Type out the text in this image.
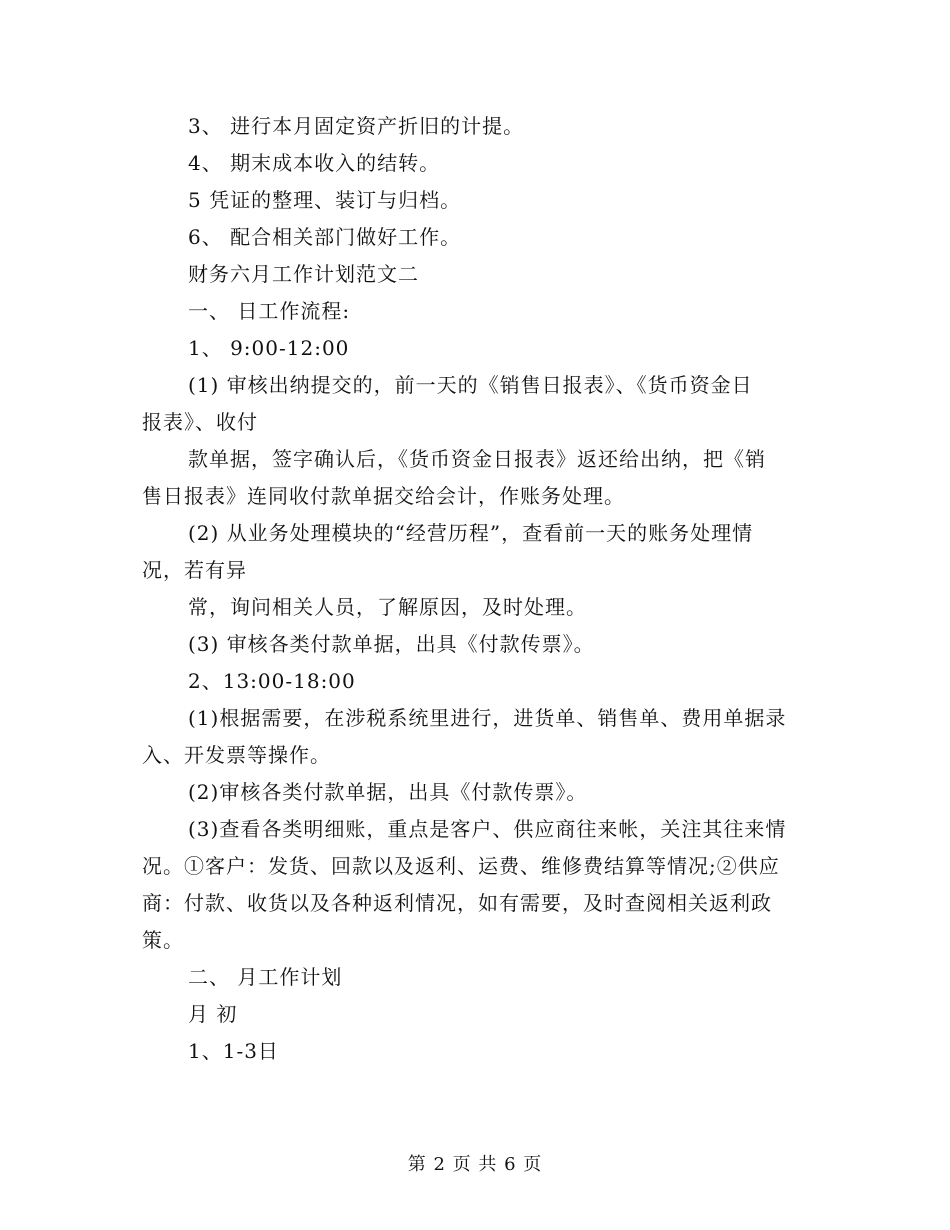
3、 进行本月固定资产折旧的计提。
4、 期末成本收入的结转。
5 凭证的整理、装订与归档。
6、 配合相关部门做好工作。
财务六月工作计划范文二
一、 日工作流程:
1、 9:00-12:00
(1) 审核出纳提交的，前一天的《销售日报表》、《货币资金日
报表》、收付
款单据，签字确认后，《货币资金日报表》返还给出纳，把《销
售日报表》连同收付款单据交给会计，作账务处理。
(2) 从业务处理模块的“经营历程”，查看前一天的账务处理情
况，若有异
常，询问相关人员，了解原因，及时处理。
(3) 审核各类付款单据，出具《付款传票》。
2、13:00-18:00
(1)根据需要，在涉税系统里进行，进货单、销售单、费用单据录
入、开发票等操作。
(2)审核各类付款单据，出具《付款传票》。
(3)查看各类明细账，重点是客户、供应商往来帐，关注其往来情
况。①客户：发货、回款以及返利、运费、维修费结算等情况;②供应
商：付款、收货以及各种返利情况，如有需要，及时查阅相关返利政
策。
二、 月工作计划
月 初
1、1-3日
第 2 页 共 6 页
